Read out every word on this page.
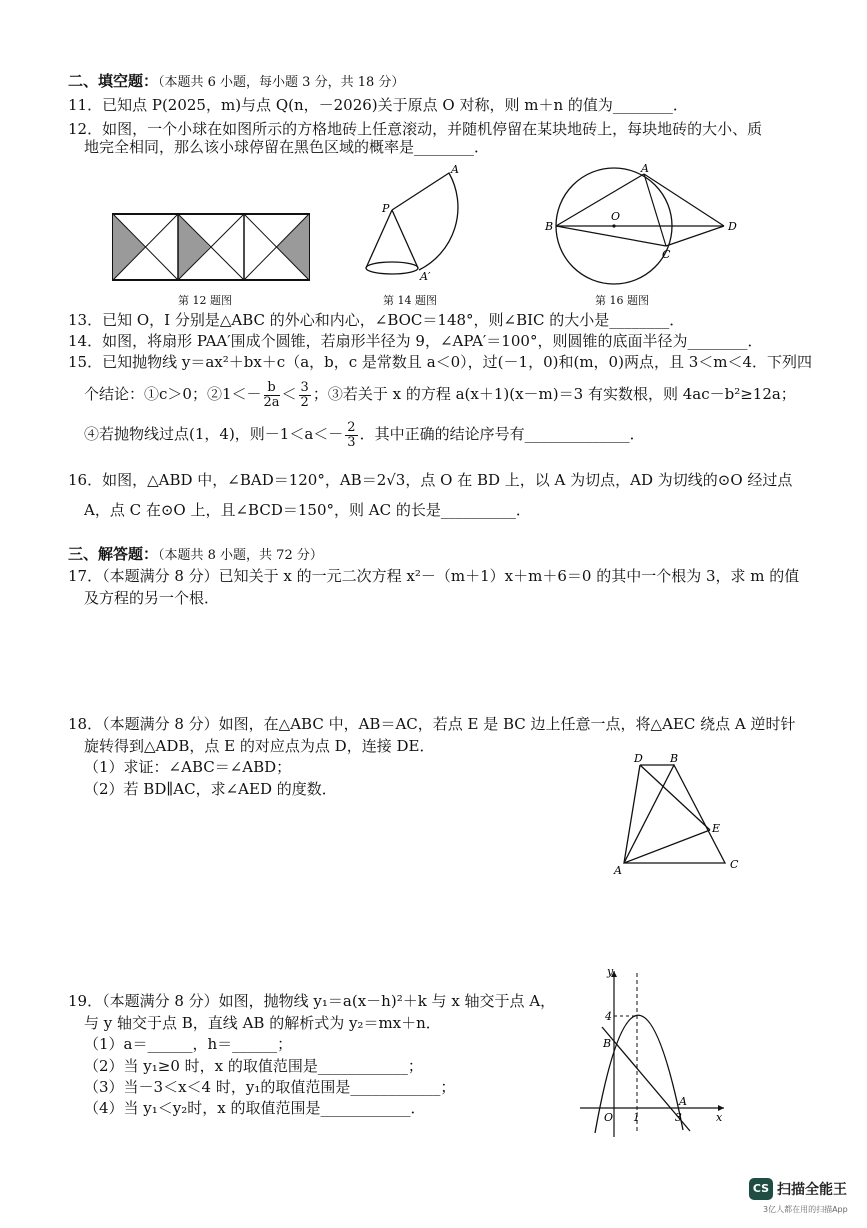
二、填空题：（本题共 6 小题，每小题 3 分，共 18 分）
11．已知点 P(2025，m)与点 Q(n，－2026)关于原点 O 对称，则 m＋n 的值为________．
12．如图，一个小球在如图所示的方格地砖上任意滚动，并随机停留在某块地砖上，每块地砖的大小、质
地完全相同，那么该小球停留在黑色区域的概率是________．
第 12 题图
P
A
A′
第 14 题图
A
B
C
D
O
第 16 题图
13．已知 O，I 分别是△ABC 的外心和内心，∠BOC＝148°，则∠BIC 的大小是________．
14．如图，将扇形 PAA′围成个圆锥，若扇形半径为 9，∠APA′＝100°，则圆锥的底面半径为________．
15．已知抛物线 y＝ax²＋bx＋c（a，b，c 是常数且 a＜0），过(－1，0)和(m，0)两点，且 3＜m＜4．下列四
个结论：①c＞0；②1＜－ $\frac{b}{2a} < \frac{3}{2}$ ；③若关于 x 的方程 a(x＋1)(x－m)＝3 有实数根，则 4ac－b²≥12a；
④若抛物线过点(1，4)，则$-1<a<- \frac{2}{3}$ ．其中正确的结论序号有______________．
16．如图，△ABD 中，∠BAD＝120°，AB＝2√3，点 O 在 BD 上，以 A 为切点，AD 为切线的⊙O 经过点
A，点 C 在⊙O 上，且∠BCD＝150°，则 AC 的长是__________．
三、解答题：（本题共 8 小题，共 72 分）
17．（本题满分 8 分）已知关于 x 的一元二次方程 x²－（m＋1）x＋m＋6＝0 的其中一个根为 3，求 m 的值
及方程的另一个根．
18．（本题满分 8 分）如图，在△ABC 中，AB＝AC，若点 E 是 BC 边上任意一点，将△AEC 绕点 A 逆时针
旋转得到△ADB，点 E 的对应点为点 D，连接 DE．
（1）求证：∠ABC＝∠ABD；
（2）若 BD∥AC，求∠AED 的度数．
A
B
C
D
E
19．（本题满分 8 分）如图，抛物线 y₁＝a(x－h)²＋k 与 x 轴交于点 A，
与 y 轴交于点 B，直线 AB 的解析式为 y₂＝mx＋n．
（1）a＝______，h＝______；
（2）当 y₁≥0 时，x 的取值范围是____________；
（3）当－3＜x＜4 时，y₁的取值范围是____________；
（4）当 y₁＜y₂时，x 的取值范围是____________．
y
x
4
B
O 1
A
3
CS 扫描全能王
3亿人都在用的扫描App
